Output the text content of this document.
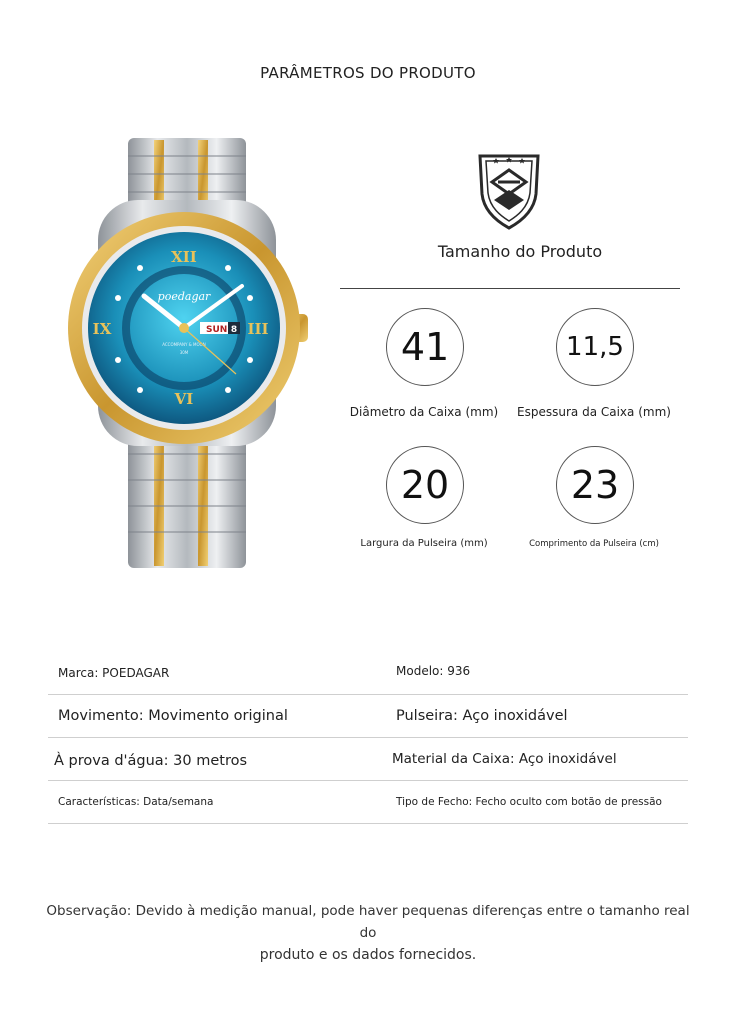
PARÂMETROS DO PRODUTO
XII
VI
IX	III
poedagar
ACCOMPANY & MOON
30M
SUN 8
Tamanho do Produto
41
Diâmetro da Caixa (mm)
11,5
Espessura da Caixa (mm)
20
Largura da Pulseira (mm)
23
Comprimento da Pulseira (cm)
Marca: POEDAGAR	Modelo: 936
Movimento: Movimento original	Pulseira: Aço inoxidável
À prova d'água: 30 metros	Material da Caixa: Aço inoxidável
Características: Data/semana	Tipo de Fecho: Fecho oculto com botão de pressão
Observação: Devido à medição manual, pode haver pequenas diferenças entre o tamanho real do
produto e os dados fornecidos.
